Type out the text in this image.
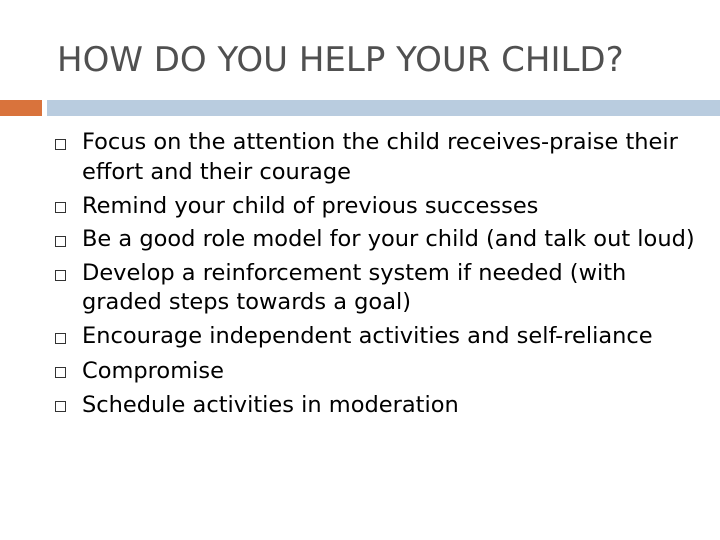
HOW DO YOU HELP YOUR CHILD?
Focus on the attention the child receives-praise their effort and their courage
Remind your child of previous successes
Be a good role model for your child (and talk out loud)
Develop a reinforcement system if needed (with graded steps towards a goal)
Encourage independent activities and self-reliance
Compromise
Schedule activities in moderation
